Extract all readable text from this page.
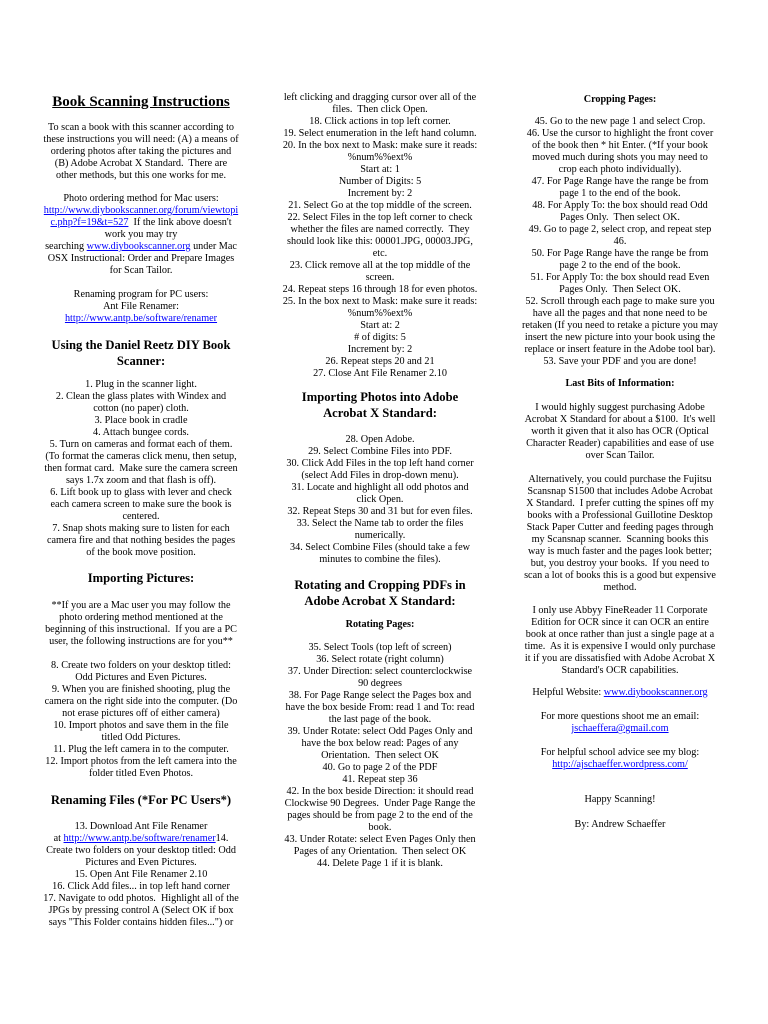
Book Scanning Instructions
To scan a book with this scanner according to
these instructions you will need: (A) a means of
ordering photos after taking the pictures and
(B) Adobe Acrobat X Standard.  There are
other methods, but this one works for me.
Photo ordering method for Mac users:
http://www.diybookscanner.org/forum/viewtopi
c.php?f=19&t=527  If the link above doesn't
work you may try
searching www.diybookscanner.org under Mac
OSX Instructional: Order and Prepare Images
for Scan Tailor.
Renaming program for PC users:
Ant File Renamer:
http://www.antp.be/software/renamer
Using the Daniel Reetz DIY Book
Scanner:
1. Plug in the scanner light.
2. Clean the glass plates with Windex and
cotton (no paper) cloth.
3. Place book in cradle
4. Attach bungee cords.
5. Turn on cameras and format each of them.
(To format the cameras click menu, then setup,
then format card.  Make sure the camera screen
says 1.7x zoom and that flash is off).
6. Lift book up to glass with lever and check
each camera screen to make sure the book is
centered.
7. Snap shots making sure to listen for each
camera fire and that nothing besides the pages
of the book move position.
Importing Pictures:
**If you are a Mac user you may follow the
photo ordering method mentioned at the
beginning of this instructional.  If you are a PC
user, the following instructions are for you**
8. Create two folders on your desktop titled:
Odd Pictures and Even Pictures.
9. When you are finished shooting, plug the
camera on the right side into the computer. (Do
not erase pictures off of either camera)
10. Import photos and save them in the file
titled Odd Pictures.
11. Plug the left camera in to the computer.
12. Import photos from the left camera into the
folder titled Even Photos.
Renaming Files (*For PC Users*)
13. Download Ant File Renamer
at http://www.antp.be/software/renamer14.
Create two folders on your desktop titled: Odd
Pictures and Even Pictures.
15. Open Ant File Renamer 2.10
16. Click Add files... in top left hand corner
17. Navigate to odd photos.  Highlight all of the
JPGs by pressing control A (Select OK if box
says "This Folder contains hidden files...") or
left clicking and dragging cursor over all of the
files.  Then click Open.
18. Click actions in top left corner.
19. Select enumeration in the left hand column.
20. In the box next to Mask: make sure it reads:
%num%%ext%
Start at: 1
Number of Digits: 5
Increment by: 2
21. Select Go at the top middle of the screen.
22. Select Files in the top left corner to check
whether the files are named correctly.  They
should look like this: 00001.JPG, 00003.JPG,
etc.
23. Click remove all at the top middle of the
screen.
24. Repeat steps 16 through 18 for even photos.
25. In the box next to Mask: make sure it reads:
%num%%ext%
Start at: 2
# of digits: 5
Increment by: 2
26. Repeat steps 20 and 21
27. Close Ant File Renamer 2.10
Importing Photos into Adobe
Acrobat X Standard:
28. Open Adobe.
29. Select Combine Files into PDF.
30. Click Add Files in the top left hand corner
(select Add Files in drop-down menu).
31. Locate and highlight all odd photos and
click Open.
32. Repeat Steps 30 and 31 but for even files.
33. Select the Name tab to order the files
numerically.
34. Select Combine Files (should take a few
minutes to combine the files).
Rotating and Cropping PDFs in
Adobe Acrobat X Standard:
Rotating Pages:
35. Select Tools (top left of screen)
36. Select rotate (right column)
37. Under Direction: select counterclockwise
90 degrees
38. For Page Range select the Pages box and
have the box beside From: read 1 and To: read
the last page of the book.
39. Under Rotate: select Odd Pages Only and
have the box below read: Pages of any
Orientation.  Then select OK
40. Go to page 2 of the PDF
41. Repeat step 36
42. In the box beside Direction: it should read
Clockwise 90 Degrees.  Under Page Range the
pages should be from page 2 to the end of the
book.
43. Under Rotate: select Even Pages Only then
Pages of any Orientation.  Then select OK
44. Delete Page 1 if it is blank.
Cropping Pages:
45. Go to the new page 1 and select Crop.
46. Use the cursor to highlight the front cover
of the book then * hit Enter. (*If your book
moved much during shots you may need to
crop each photo individually).
47. For Page Range have the range be from
page 1 to the end of the book.
48. For Apply To: the box should read Odd
Pages Only.  Then select OK.
49. Go to page 2, select crop, and repeat step
46.
50. For Page Range have the range be from
page 2 to the end of the book.
51. For Apply To: the box should read Even
Pages Only.  Then Select OK.
52. Scroll through each page to make sure you
have all the pages and that none need to be
retaken (If you need to retake a picture you may
insert the new picture into your book using the
replace or insert feature in the Adobe tool bar).
53. Save your PDF and you are done!
Last Bits of Information:
I would highly suggest purchasing Adobe
Acrobat X Standard for about a $100.  It's well
worth it given that it also has OCR (Optical
Character Reader) capabilities and ease of use
over Scan Tailor.
Alternatively, you could purchase the Fujitsu
Scansnap S1500 that includes Adobe Acrobat
X Standard.  I prefer cutting the spines off my
books with a Professional Guillotine Desktop
Stack Paper Cutter and feeding pages through
my Scansnap scanner.  Scanning books this
way is much faster and the pages look better;
but, you destroy your books.  If you need to
scan a lot of books this is a good but expensive
method.
I only use Abbyy FineReader 11 Corporate
Edition for OCR since it can OCR an entire
book at once rather than just a single page at a
time.  As it is expensive I would only purchase
it if you are dissatisfied with Adobe Acrobat X
Standard's OCR capabilities.
Helpful Website: www.diybookscanner.org
For more questions shoot me an email:
jschaeffera@gmail.com
For helpful school advice see my blog:
http://ajschaeffer.wordpress.com/
Happy Scanning!
By: Andrew Schaeffer
